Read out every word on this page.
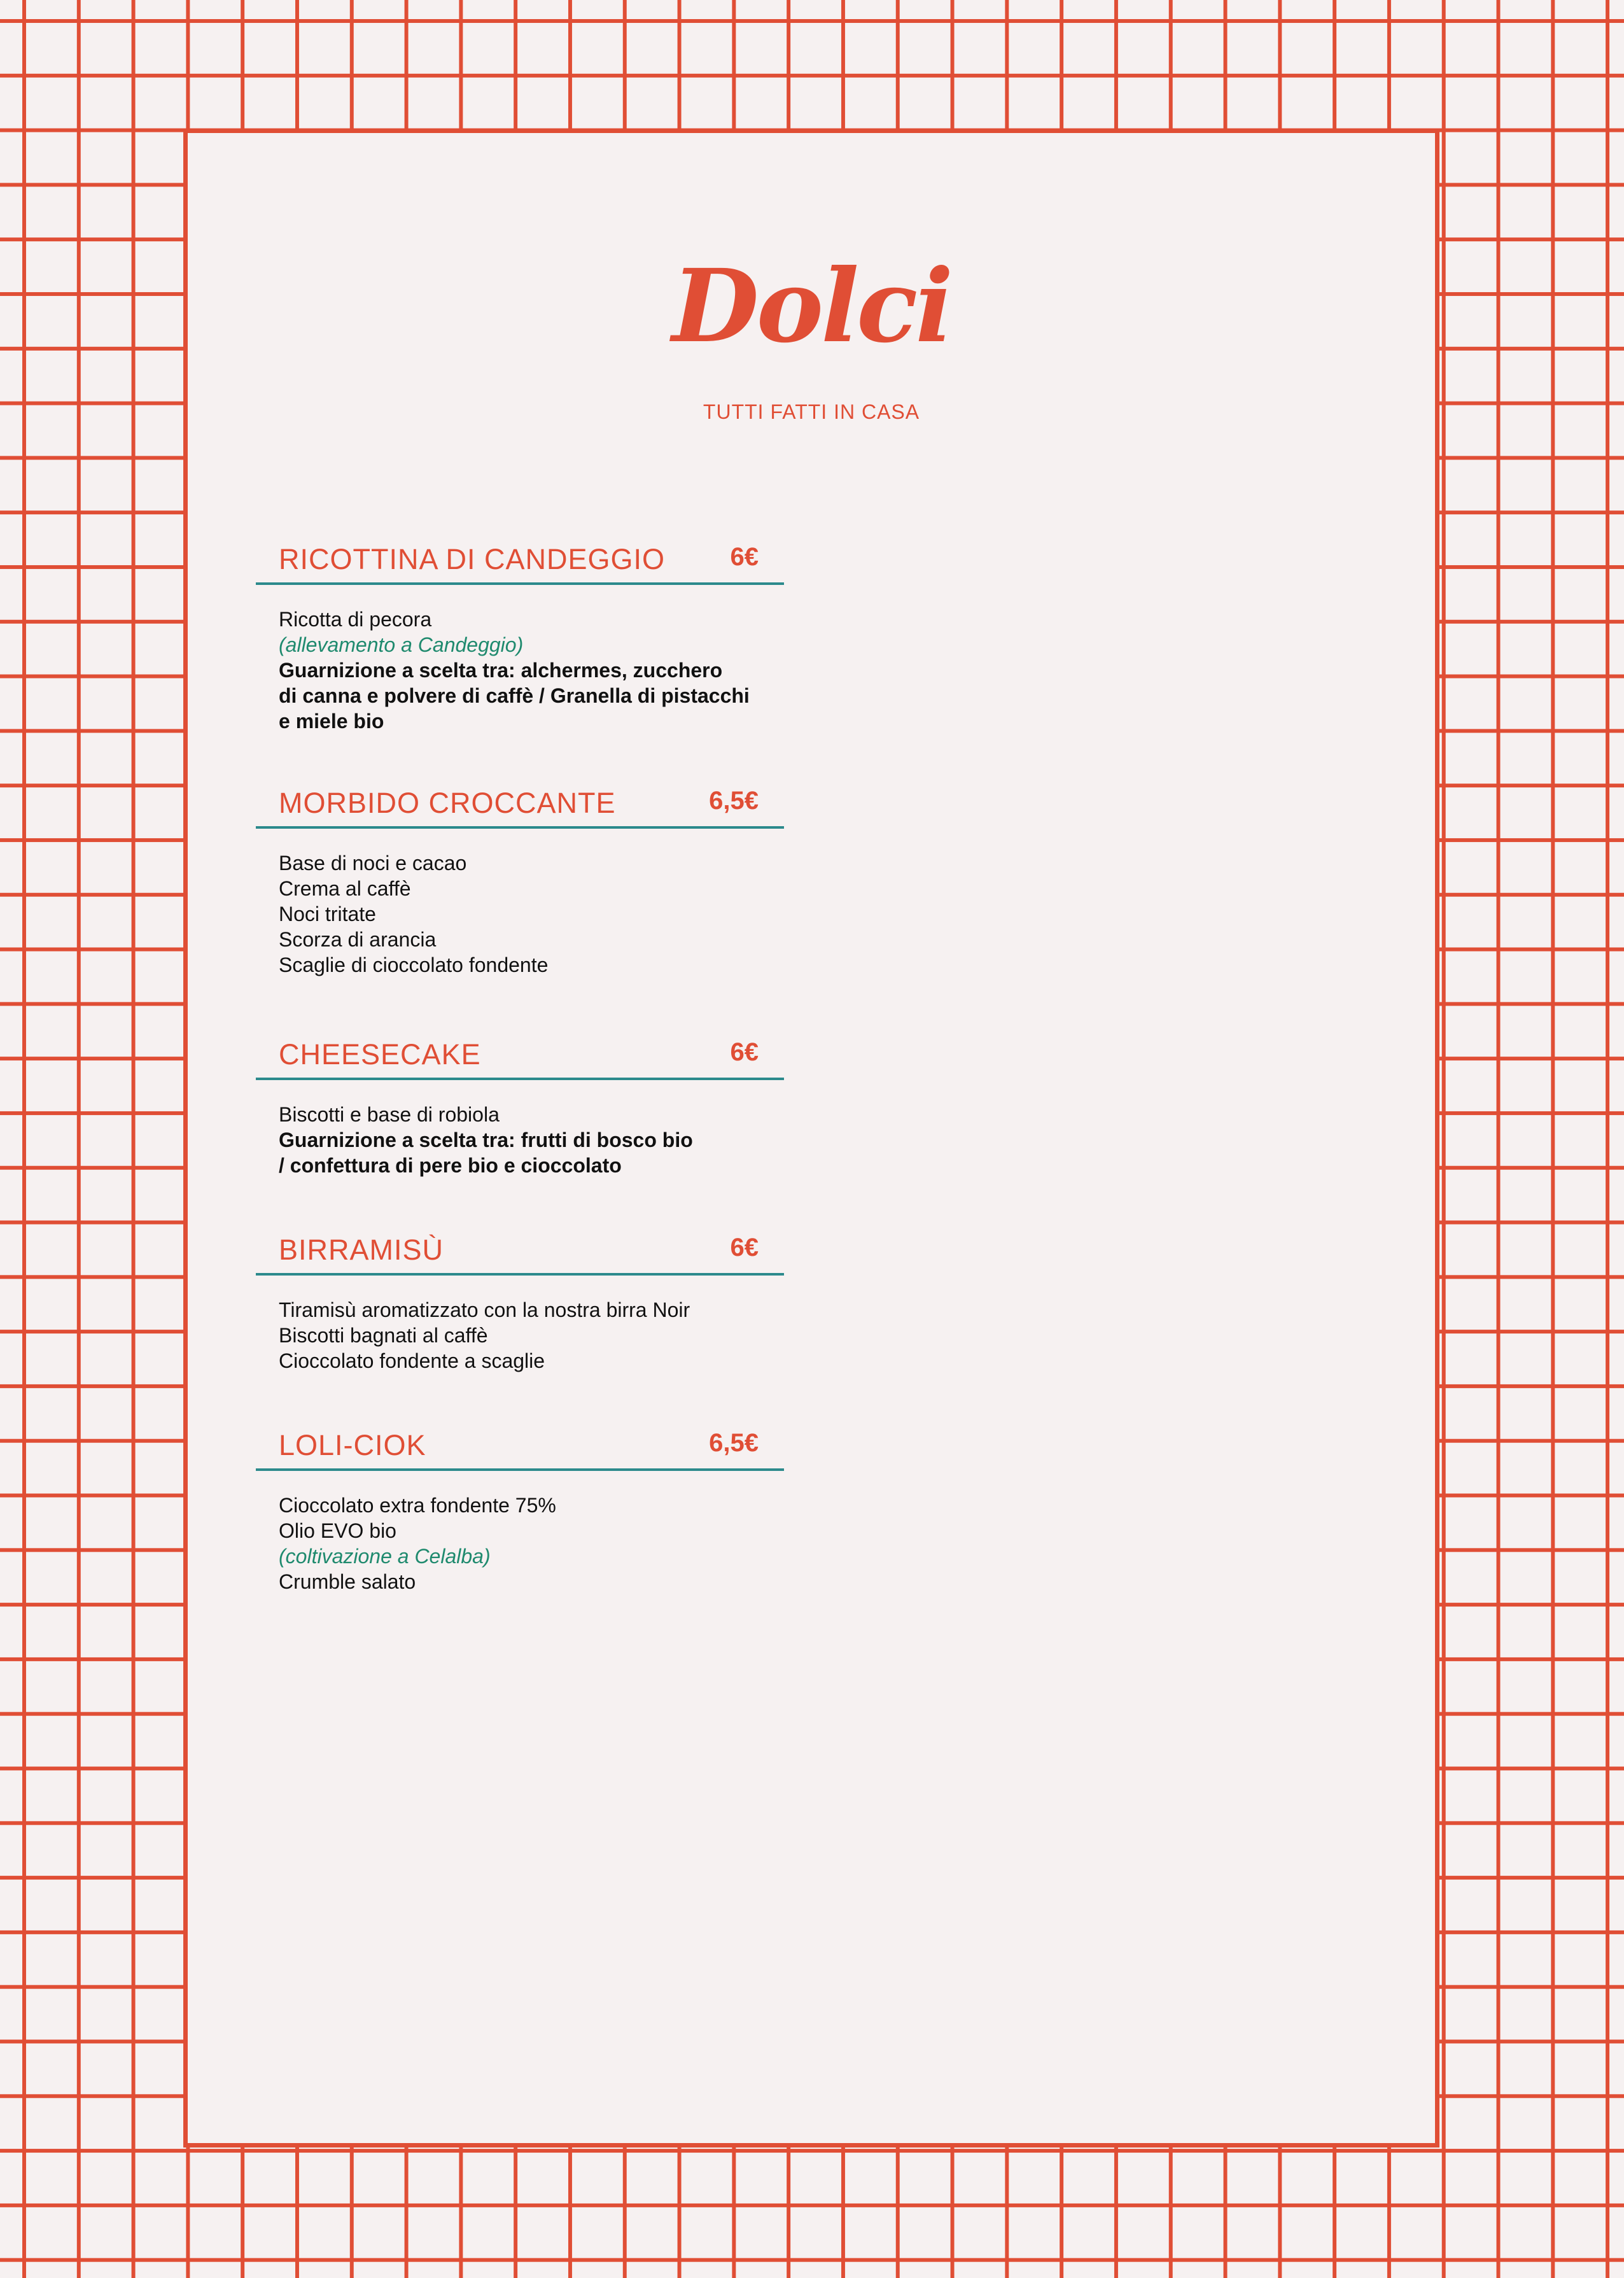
Dolci
TUTTI FATTI IN CASA
RICOTTINA DI CANDEGGIO	6€
Ricotta di pecora
(allevamento a Candeggio)
Guarnizione a scelta tra: alchermes, zucchero
di canna e polvere di caffè / Granella di pistacchi
e miele bio
MORBIDO CROCCANTE	6,5€
Base di noci e cacao
Crema al caffè
Noci tritate
Scorza di arancia
Scaglie di cioccolato fondente
CHEESECAKE	6€
Biscotti e base di robiola
Guarnizione a scelta tra: frutti di bosco bio
/ confettura di pere bio e cioccolato
BIRRAMISÙ	6€
Tiramisù aromatizzato con la nostra birra Noir
Biscotti bagnati al caffè
Cioccolato fondente a scaglie
LOLI-CIOK	6,5€
Cioccolato extra fondente 75%
Olio EVO bio
(coltivazione a Celalba)
Crumble salato
